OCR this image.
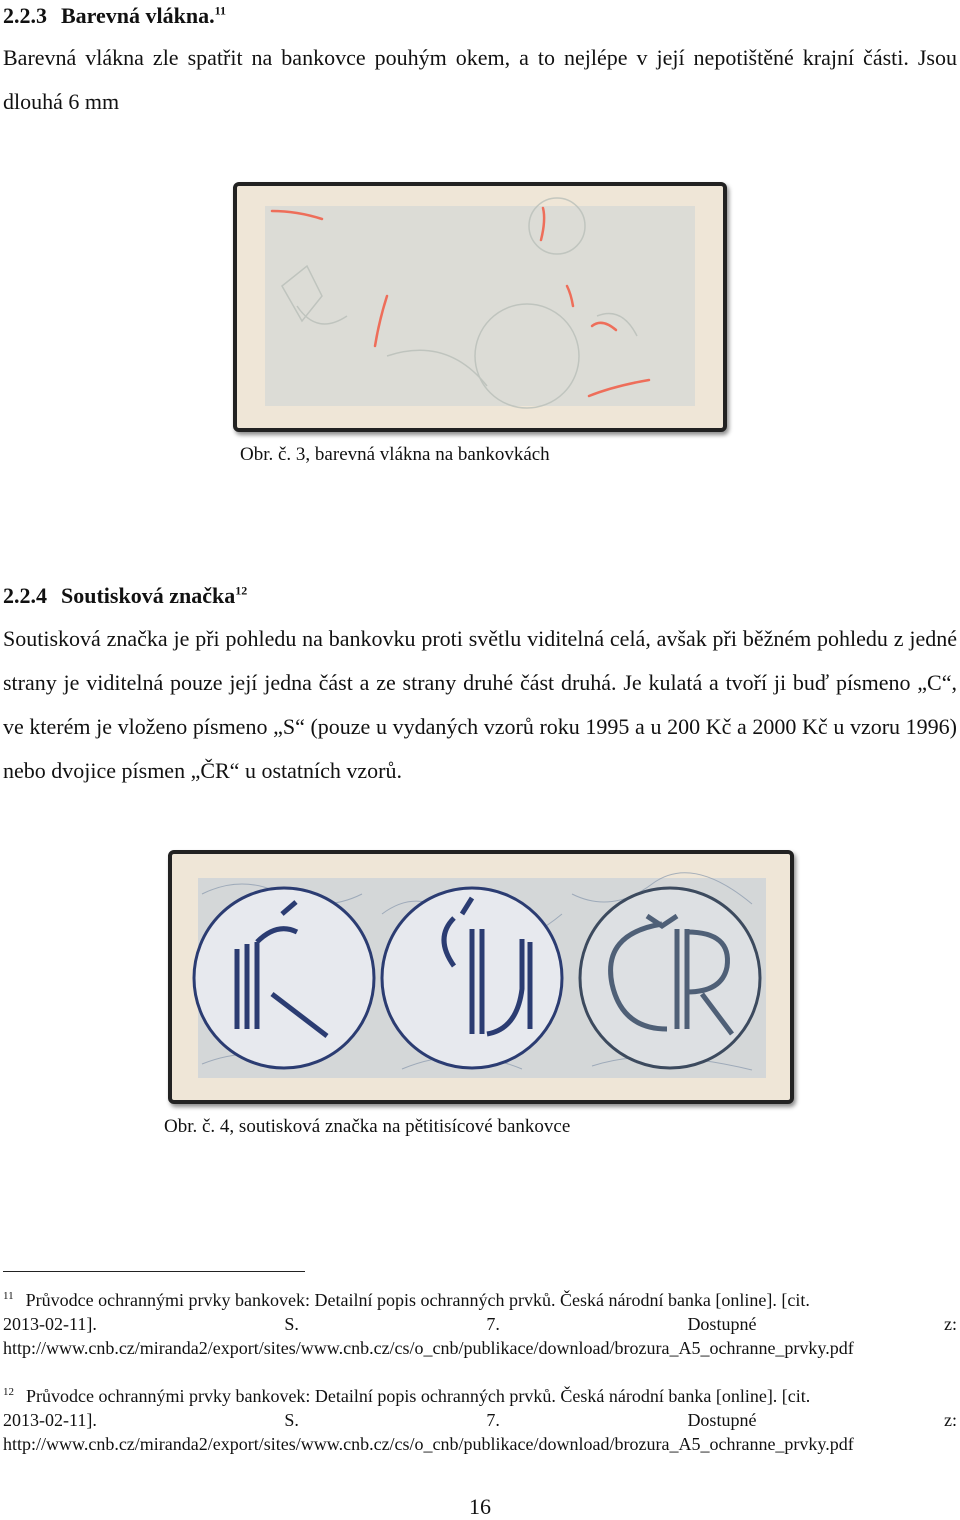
2.2.3 Barevná vlákna.$^{11}$
Barevná vlákna zle spatřit na bankovce pouhým okem, a to nejlépe v její nepotištěné krajní části. Jsou dlouhá 6 mm
Obr. č. 3, barevná vlákna na bankovkách
2.2.4 Soutisková značka$^{12}$
Soutisková značka je při pohledu na bankovku proti světlu viditelná celá, avšak při běžném pohledu z jedné strany je viditelná pouze její jedna část a ze strany druhé část druhá. Je kulatá a tvoří ji buď písmeno „C“, ve kterém je vloženo písmeno „S“ (pouze u vydaných vzorů roku 1995 a u 200 Kč a 2000 Kč u vzoru 1996) nebo dvojice písmen „ČR“ u ostatních vzorů.
Obr. č. 4, soutisková značka na pětitisícové bankovce
$^{11}$ Průvodce ochrannými prvky bankovek: Detailní popis ochranných prvků. Česká národní banka [online]. [cit.
2013-02-11].	S.	7.	Dostupné	z:
http://www.cnb.cz/miranda2/export/sites/www.cnb.cz/cs/o_cnb/publikace/download/brozura_A5_ochranne_prvky.pdf
$^{12}$ Průvodce ochrannými prvky bankovek: Detailní popis ochranných prvků. Česká národní banka [online]. [cit.
2013-02-11].	S.	7.	Dostupné	z:
http://www.cnb.cz/miranda2/export/sites/www.cnb.cz/cs/o_cnb/publikace/download/brozura_A5_ochranne_prvky.pdf
16
